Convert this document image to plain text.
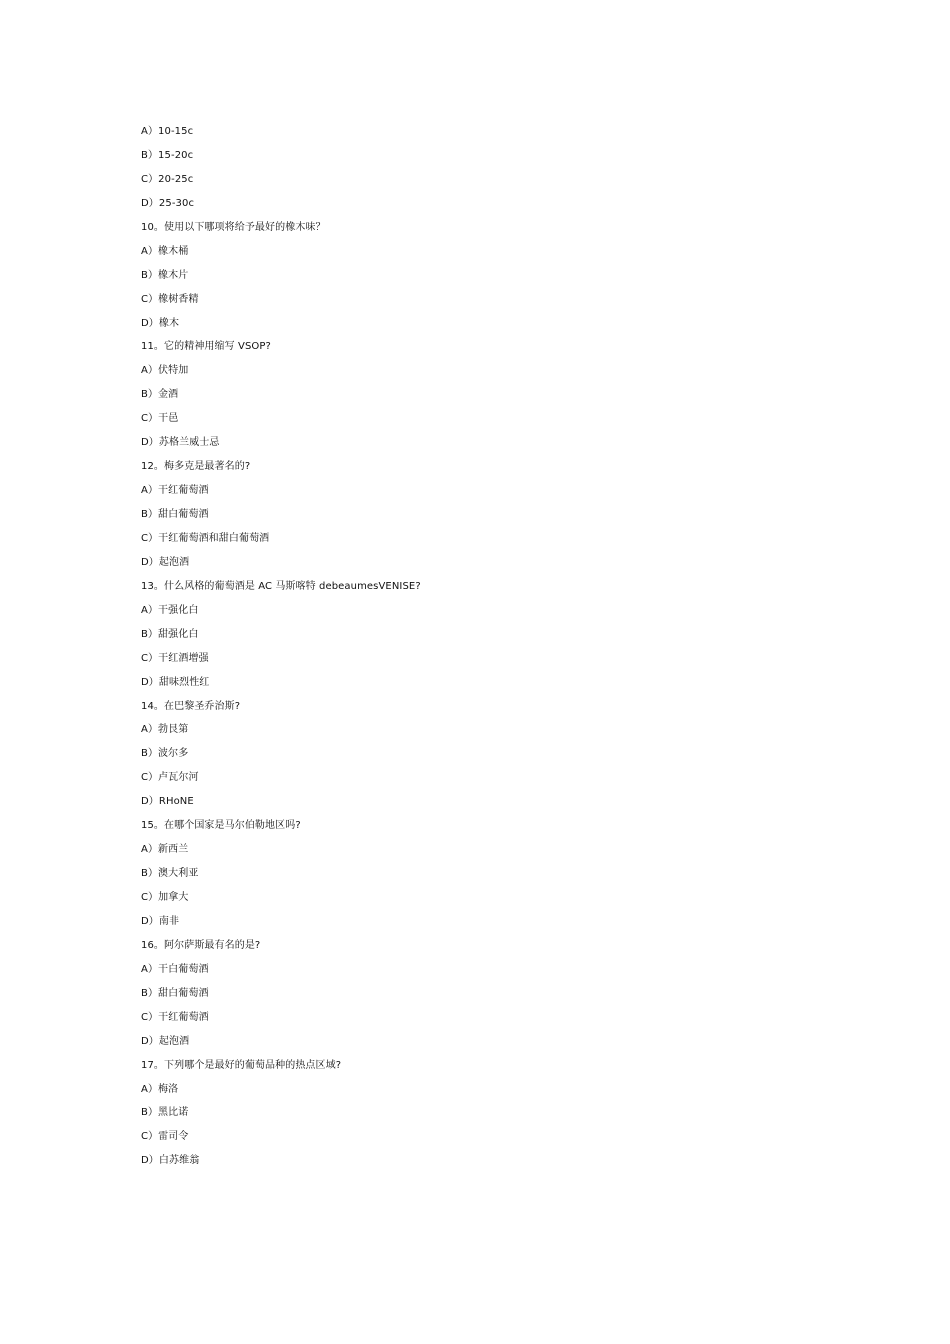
A）10-15c
B）15-20c
C）20-25c
D）25-30c
10。使用以下哪项将给予最好的橡木味？
A）橡木桶
B）橡木片
C）橡树香精
D）橡木
11。它的精神用缩写 VSOP?
A）伏特加
B）金酒
C）干邑
D）苏格兰威士忌
12。梅多克是最著名的?
A）干红葡萄酒
B）甜白葡萄酒
C）干红葡萄酒和甜白葡萄酒
D）起泡酒
13。什么风格的葡萄酒是 AC 马斯喀特 debeaumesVENISE?
A）干强化白
B）甜强化白
C）干红酒增强
D）甜味烈性红
14。在巴黎圣乔治斯?
A）勃艮第
B）波尔多
C）卢瓦尔河
D）RHoNE
15。在哪个国家是马尔伯勒地区吗?
A）新西兰
B）澳大利亚
C）加拿大
D）南非
16。阿尔萨斯最有名的是?
A）干白葡萄酒
B）甜白葡萄酒
C）干红葡萄酒
D）起泡酒
17。下列哪个是最好的葡萄品种的热点区域?
A）梅洛
B）黑比诺
C）雷司令
D）白苏维翁
